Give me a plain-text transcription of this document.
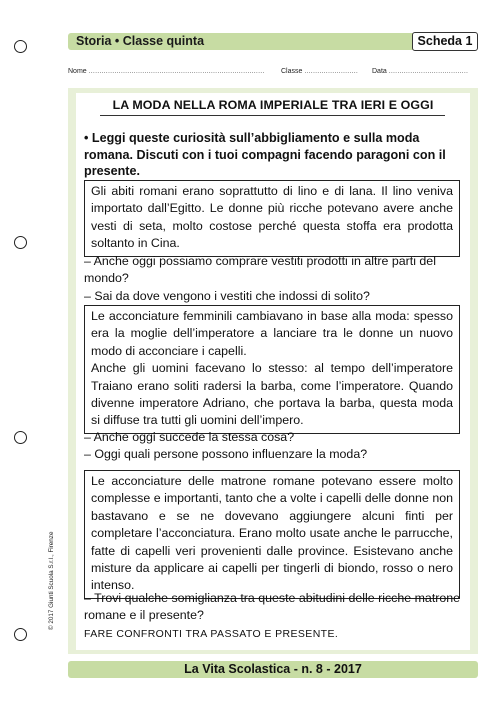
Storia • Classe quinta	Scheda 1
Nome .................................................................................. Classe ......................... Data .....................................
LA MODA NELLA ROMA IMPERIALE TRA IERI E OGGI
• Leggi queste curiosità sull’abbigliamento e sulla moda romana. Discuti con i tuoi compagni facendo paragoni con il presente.
Gli abiti romani erano soprattutto di lino e di lana. Il lino veniva importato dall’Egitto. Le donne più ricche potevano avere anche vesti di seta, molto costose perché questa stoffa era prodotta soltanto in Cina.
– Anche oggi possiamo comprare vestiti prodotti in altre parti del mondo?
– Sai da dove vengono i vestiti che indossi di solito?
Le acconciature femminili cambiavano in base alla moda: spesso era la moglie dell’imperatore a lanciare tra le donne un nuovo modo di acconciare i capelli.
Anche gli uomini facevano lo stesso: al tempo dell’imperatore Traiano erano soliti radersi la barba, come l’imperatore. Quando divenne imperatore Adriano, che portava la barba, questa moda si diffuse tra tutti gli uomini dell’impero.
– Anche oggi succede la stessa cosa?
– Oggi quali persone possono influenzare la moda?
Le acconciature delle matrone romane potevano essere molto complesse e importanti, tanto che a volte i capelli delle donne non bastavano e se ne dovevano aggiungere alcuni finti per completare l’acconciatura. Erano molto usate anche le parrucche, fatte di capelli veri provenienti dalle province. Esistevano anche misture da applicare ai capelli per tingerli di biondo, rosso o nero intenso.
– Trovi qualche somiglianza tra queste abitudini delle ricche matrone romane e il presente?
FARE CONFRONTI TRA PASSATO E PRESENTE.
La Vita Scolastica - n. 8 - 2017
© 2017 Giunti Scuola S.r.l., Firenze
